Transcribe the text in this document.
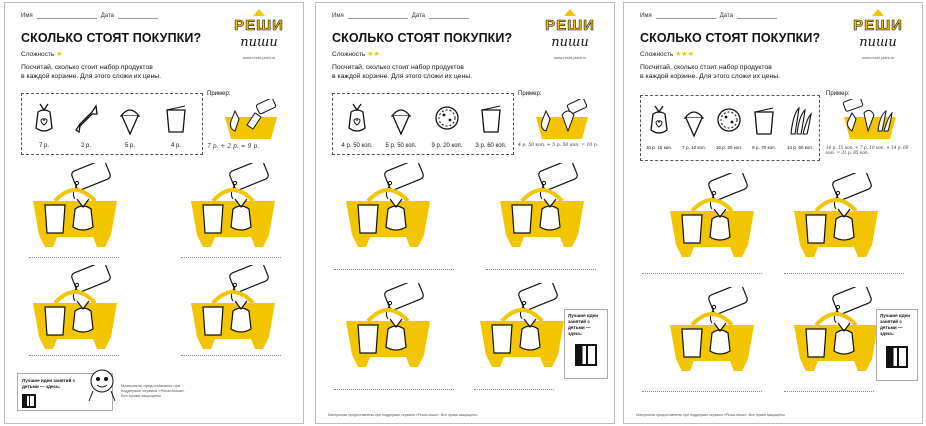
Имя	Дата
РЕШИ
пиши
www.reshi-pishi.ru
СКОЛЬКО СТОЯТ ПОКУПКИ?
Сложность ★
Посчитай, сколько стоит набор продуктов
в каждой корзине. Для этого сложи их цены.
7 р.	2 р.	5 р.	4 р.
Пример:
7 р. + 2 р. = 9 р.
Лучшие идеи занятий с детьми — здесь:	Материалы предоставлены при поддержке сервиса «Реши-пиши». Все права защищены.
Имя	Дата
РЕШИ
пиши
www.reshi-pishi.ru
СКОЛЬКО СТОЯТ ПОКУПКИ?
Сложность ★★
Посчитай, сколько стоит набор продуктов
в каждой корзине. Для этого сложи их цены.
4 р. 50 коп.	5 р. 50 коп.	9 р. 20 коп.	3 р. 60 коп.
Пример:
4 р. 50 коп. + 5 р. 50 коп. = 10 р.
Лучшие идеи занятий с детьми — здесь:
Материалы предоставлены при поддержке сервиса «Реши-пиши». Все права защищены.
Имя	Дата
РЕШИ
пиши
www.reshi-pishi.ru
СКОЛЬКО СТОЯТ ПОКУПКИ?
Сложность ★★★
Посчитай, сколько стоит набор продуктов
в каждой корзине. Для этого сложи их цены.
10 р. 15 коп.	7 р. 10 коп.	16 р. 20 коп.	8 р. 70 коп.	14 р. 60 коп.
Пример:
10 р. 15 коп. + 7 р. 10 коп. + 14 р. 60 коп. = 31 р. 85 коп.
Лучшие идеи занятий с детьми — здесь:
Материалы предоставлены при поддержке сервиса «Реши-пиши». Все права защищены.
